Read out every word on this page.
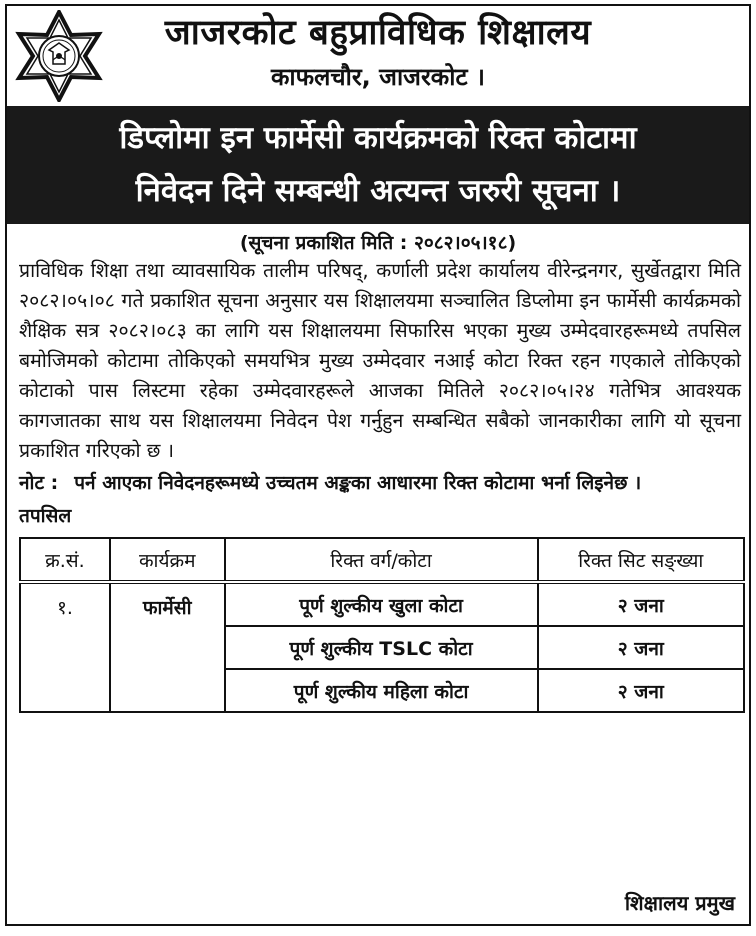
जाजरकोट बहुप्राविधिक शिक्षालय
काफलचौर, जाजरकोट ।
डिप्लोमा इन फार्मेसी कार्यक्रमको रिक्त कोटामा
निवेदन दिने सम्बन्धी अत्यन्त जरुरी सूचना ।
(सूचना प्रकाशित मिति : २०८२।०५।१८)
प्राविधिक शिक्षा तथा व्यावसायिक तालीम परिषद्, कर्णाली प्रदेश कार्यालय वीरेन्द्रनगर, सुर्खेतद्वारा मिति २०८२।०५।०८ गते प्रकाशित सूचना अनुसार यस शिक्षालयमा सञ्चालित डिप्लोमा इन फार्मेसी कार्यक्रमको शैक्षिक सत्र २०८२।०८३ का लागि यस शिक्षालयमा सिफारिस भएका मुख्य उम्मेदवारहरूमध्ये तपसिल बमोजिमको कोटामा तोकिएको समयभित्र मुख्य उम्मेदवार नआई कोटा रिक्त रहन गएकाले तोकिएको कोटाको पास लिस्टमा रहेका उम्मेदवारहरूले आजका मितिले २०८२।०५।२४ गतेभित्र आवश्यक कागजातका साथ यस शिक्षालयमा निवेदन पेश गर्नुहुन सम्बन्धित सबैको जानकारीका लागि यो सूचना प्रकाशित गरिएको छ ।
नोट : पर्न आएका निवेदनहरूमध्ये उच्चतम अङ्कका आधारमा रिक्त कोटामा भर्ना लिइनेछ ।
तपसिल
क्र.सं.	कार्यक्रम	रिक्त वर्ग/कोटा	रिक्त सिट सङ्ख्या
१.	फार्मेसी	पूर्ण शुल्कीय खुला कोटा	२ जना
		पूर्ण शुल्कीय TSLC कोटा	२ जना
		पूर्ण शुल्कीय महिला कोटा	२ जना
शिक्षालय प्रमुख
